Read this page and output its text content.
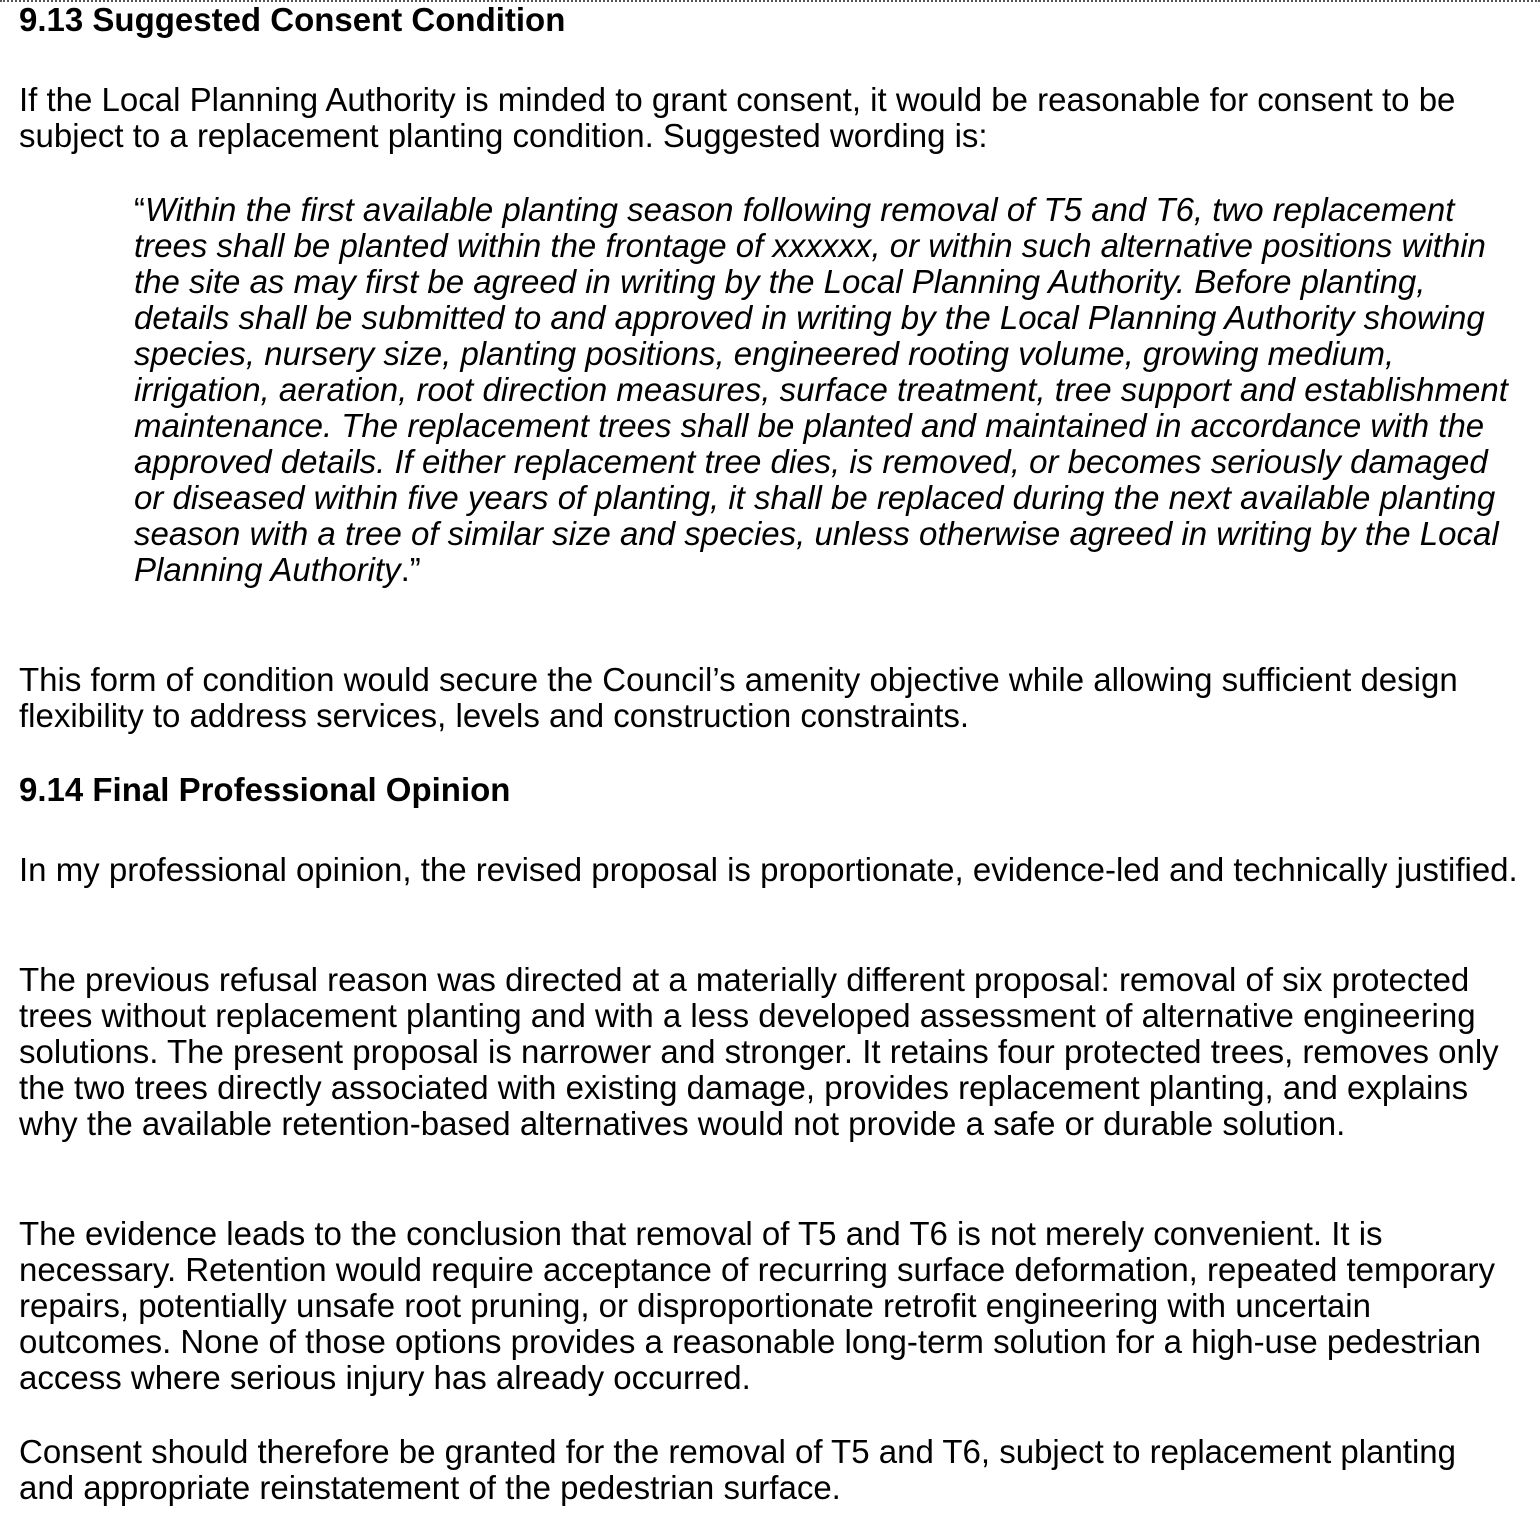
9.13 Suggested Consent Condition

If the Local Planning Authority is minded to grant consent, it would be reasonable for consent to be subject to a replacement planting condition. Suggested wording is:

“Within the first available planting season following removal of T5 and T6, two replacement trees shall be planted within the frontage of xxxxxx, or within such alternative positions within the site as may first be agreed in writing by the Local Planning Authority. Before planting, details shall be submitted to and approved in writing by the Local Planning Authority showing species, nursery size, planting positions, engineered rooting volume, growing medium, irrigation, aeration, root direction measures, surface treatment, tree support and establishment maintenance. The replacement trees shall be planted and maintained in accordance with the approved details. If either replacement tree dies, is removed, or becomes seriously damaged or diseased within five years of planting, it shall be replaced during the next available planting season with a tree of similar size and species, unless otherwise agreed in writing by the Local Planning Authority.”

This form of condition would secure the Council’s amenity objective while allowing sufficient design flexibility to address services, levels and construction constraints.

9.14 Final Professional Opinion

In my professional opinion, the revised proposal is proportionate, evidence-led and technically justified.

The previous refusal reason was directed at a materially different proposal: removal of six protected trees without replacement planting and with a less developed assessment of alternative engineering solutions. The present proposal is narrower and stronger. It retains four protected trees, removes only the two trees directly associated with existing damage, provides replacement planting, and explains why the available retention-based alternatives would not provide a safe or durable solution.

The evidence leads to the conclusion that removal of T5 and T6 is not merely convenient. It is necessary. Retention would require acceptance of recurring surface deformation, repeated temporary repairs, potentially unsafe root pruning, or disproportionate retrofit engineering with uncertain outcomes. None of those options provides a reasonable long-term solution for a high-use pedestrian access where serious injury has already occurred.

Consent should therefore be granted for the removal of T5 and T6, subject to replacement planting and appropriate reinstatement of the pedestrian surface.
